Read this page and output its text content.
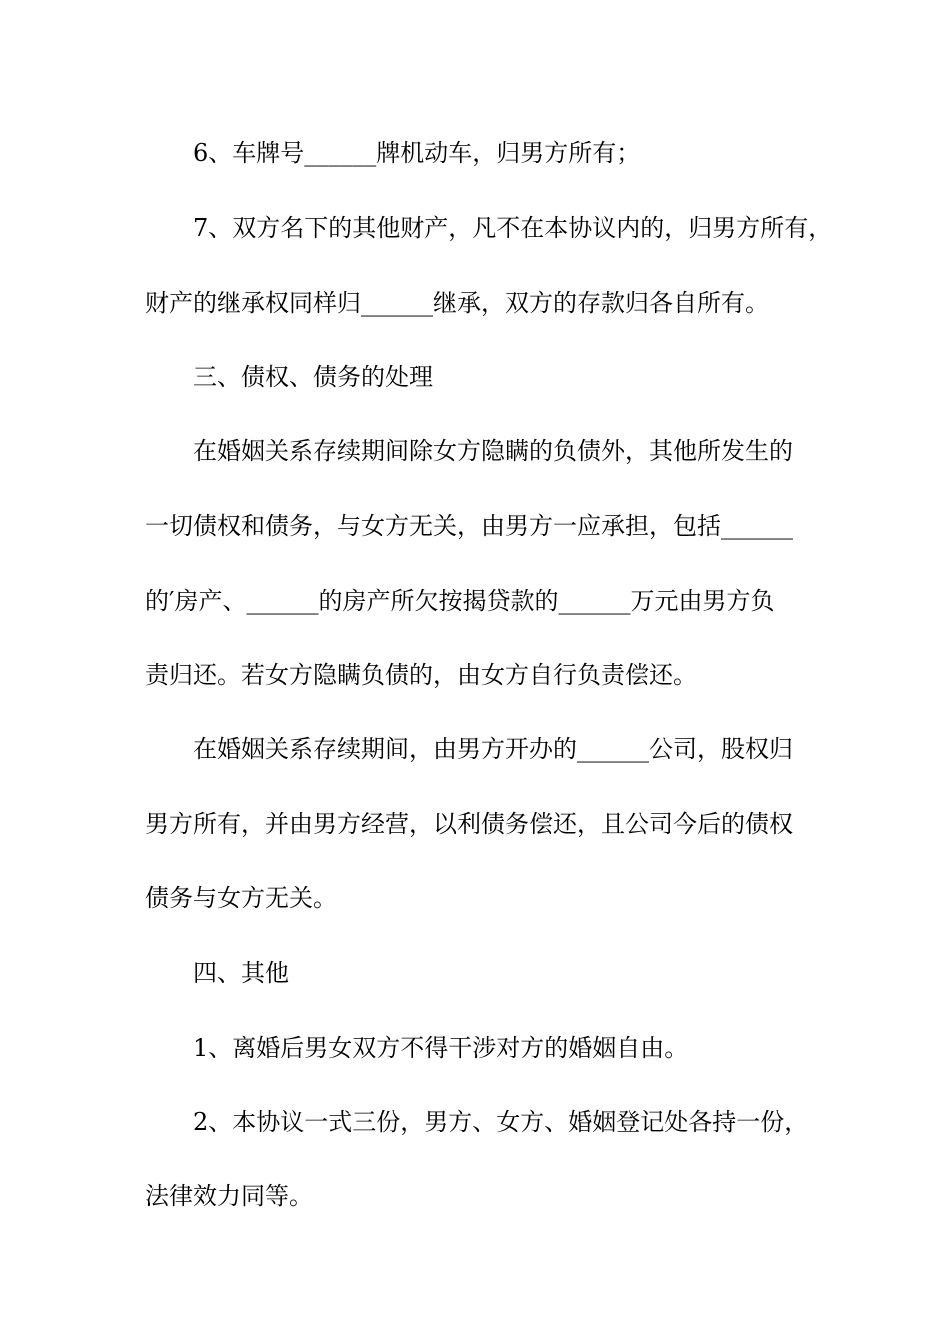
6、车牌号______牌机动车，归男方所有；
7、双方名下的其他财产，凡不在本协议内的，归男方所有，
财产的继承权同样归______继承，双方的存款归各自所有。
三、债权、债务的处理
在婚姻关系存续期间除女方隐瞒的负债外，其他所发生的
一切债权和债务，与女方无关，由男方一应承担，包括______
的′房产、______的房产所欠按揭贷款的______万元由男方负
责归还。若女方隐瞒负债的，由女方自行负责偿还。
在婚姻关系存续期间，由男方开办的______公司，股权归
男方所有，并由男方经营，以利债务偿还，且公司今后的债权
债务与女方无关。
四、其他
1、离婚后男女双方不得干涉对方的婚姻自由。
2、本协议一式三份，男方、女方、婚姻登记处各持一份，
法律效力同等。
